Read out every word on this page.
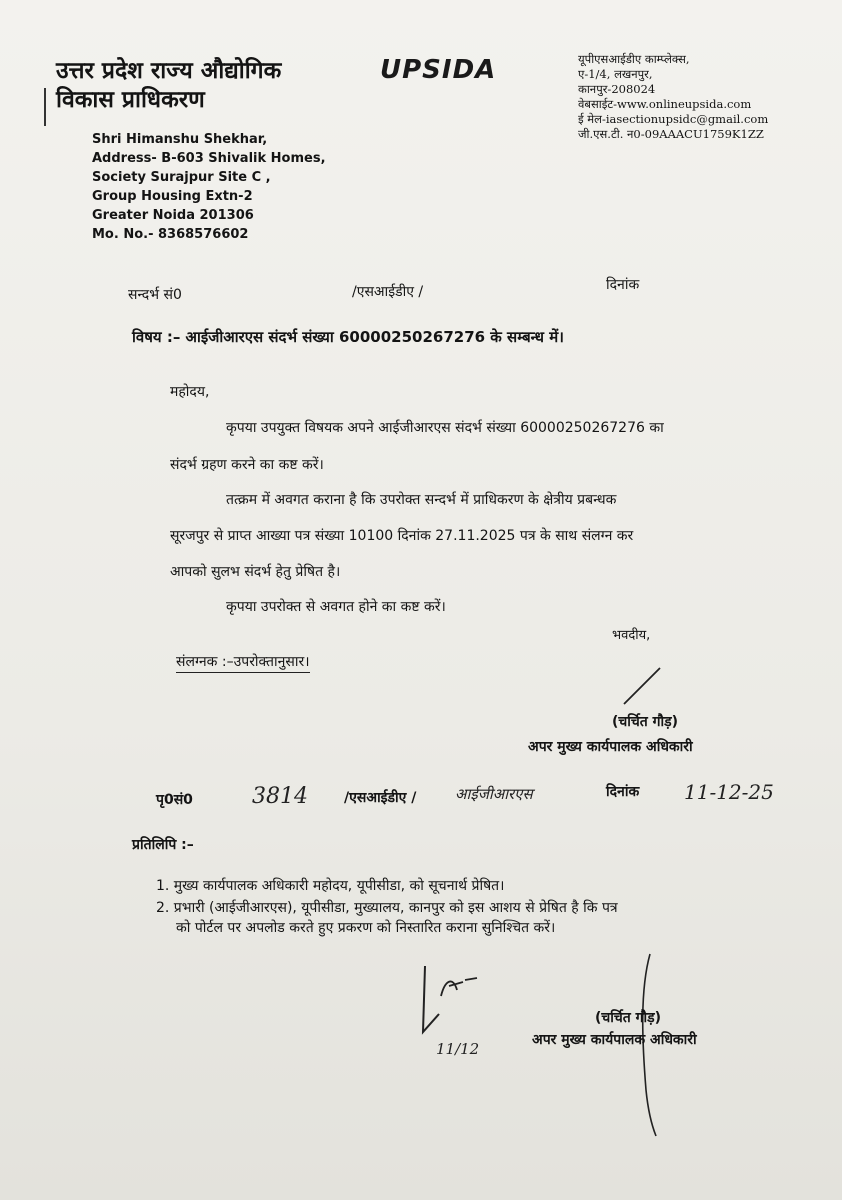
उत्तर प्रदेश राज्य औद्योगिक
विकास प्राधिकरण
UPSIDA	यूपीएसआईडीए काम्प्लेक्स,
ए-1/4, लखनपुर,
कानपुर-208024
वेबसाईट-www.onlineupsida.com
ई मेल-iasectionupsidc@gmail.com
जी.एस.टी. न0-09AAACU1759K1ZZ
Shri Himanshu Shekhar,
Address- B-603 Shivalik Homes,
Society Surajpur Site C ,
Group Housing Extn-2
Greater Noida 201306
Mo. No.- 8368576602
सन्दर्भ सं0	/एसआईडीए /	दिनांक
विषय :– आईजीआरएस संदर्भ संख्या 60000250267276 के सम्बन्ध में।
महोदय,
कृपया उपयुक्त विषयक अपने आईजीआरएस संदर्भ संख्या 60000250267276 का
संदर्भ ग्रहण करने का कष्ट करें।
तत्क्रम में अवगत कराना है कि उपरोक्त सन्दर्भ में प्राधिकरण के क्षेत्रीय प्रबन्धक
सूरजपुर से प्राप्त आख्या पत्र संख्या 10100 दिनांक 27.11.2025 पत्र के साथ संलग्न कर
आपको सुलभ संदर्भ हेतु प्रेषित है।
कृपया उपरोक्त से अवगत होने का कष्ट करें।
भवदीय,
संलग्नक :–उपरोक्तानुसार।
(चर्चित गौड़)
अपर मुख्य कार्यपालक अधिकारी
पृ0सं0	3814	/एसआईडीए /	आईजीआरएस	दिनांक 11-12-25
प्रतिलिपि :–
1. मुख्य कार्यपालक अधिकारी महोदय, यूपीसीडा, को सूचनार्थ प्रेषित।
2. प्रभारी (आईजीआरएस), यूपीसीडा, मुख्यालय, कानपुर को इस आशय से प्रेषित है कि पत्र
को पोर्टल पर अपलोड करते हुए प्रकरण को निस्तारित कराना सुनिश्चित करें।
11/12
(चर्चित गौड़)
अपर मुख्य कार्यपालक अधिकारी
